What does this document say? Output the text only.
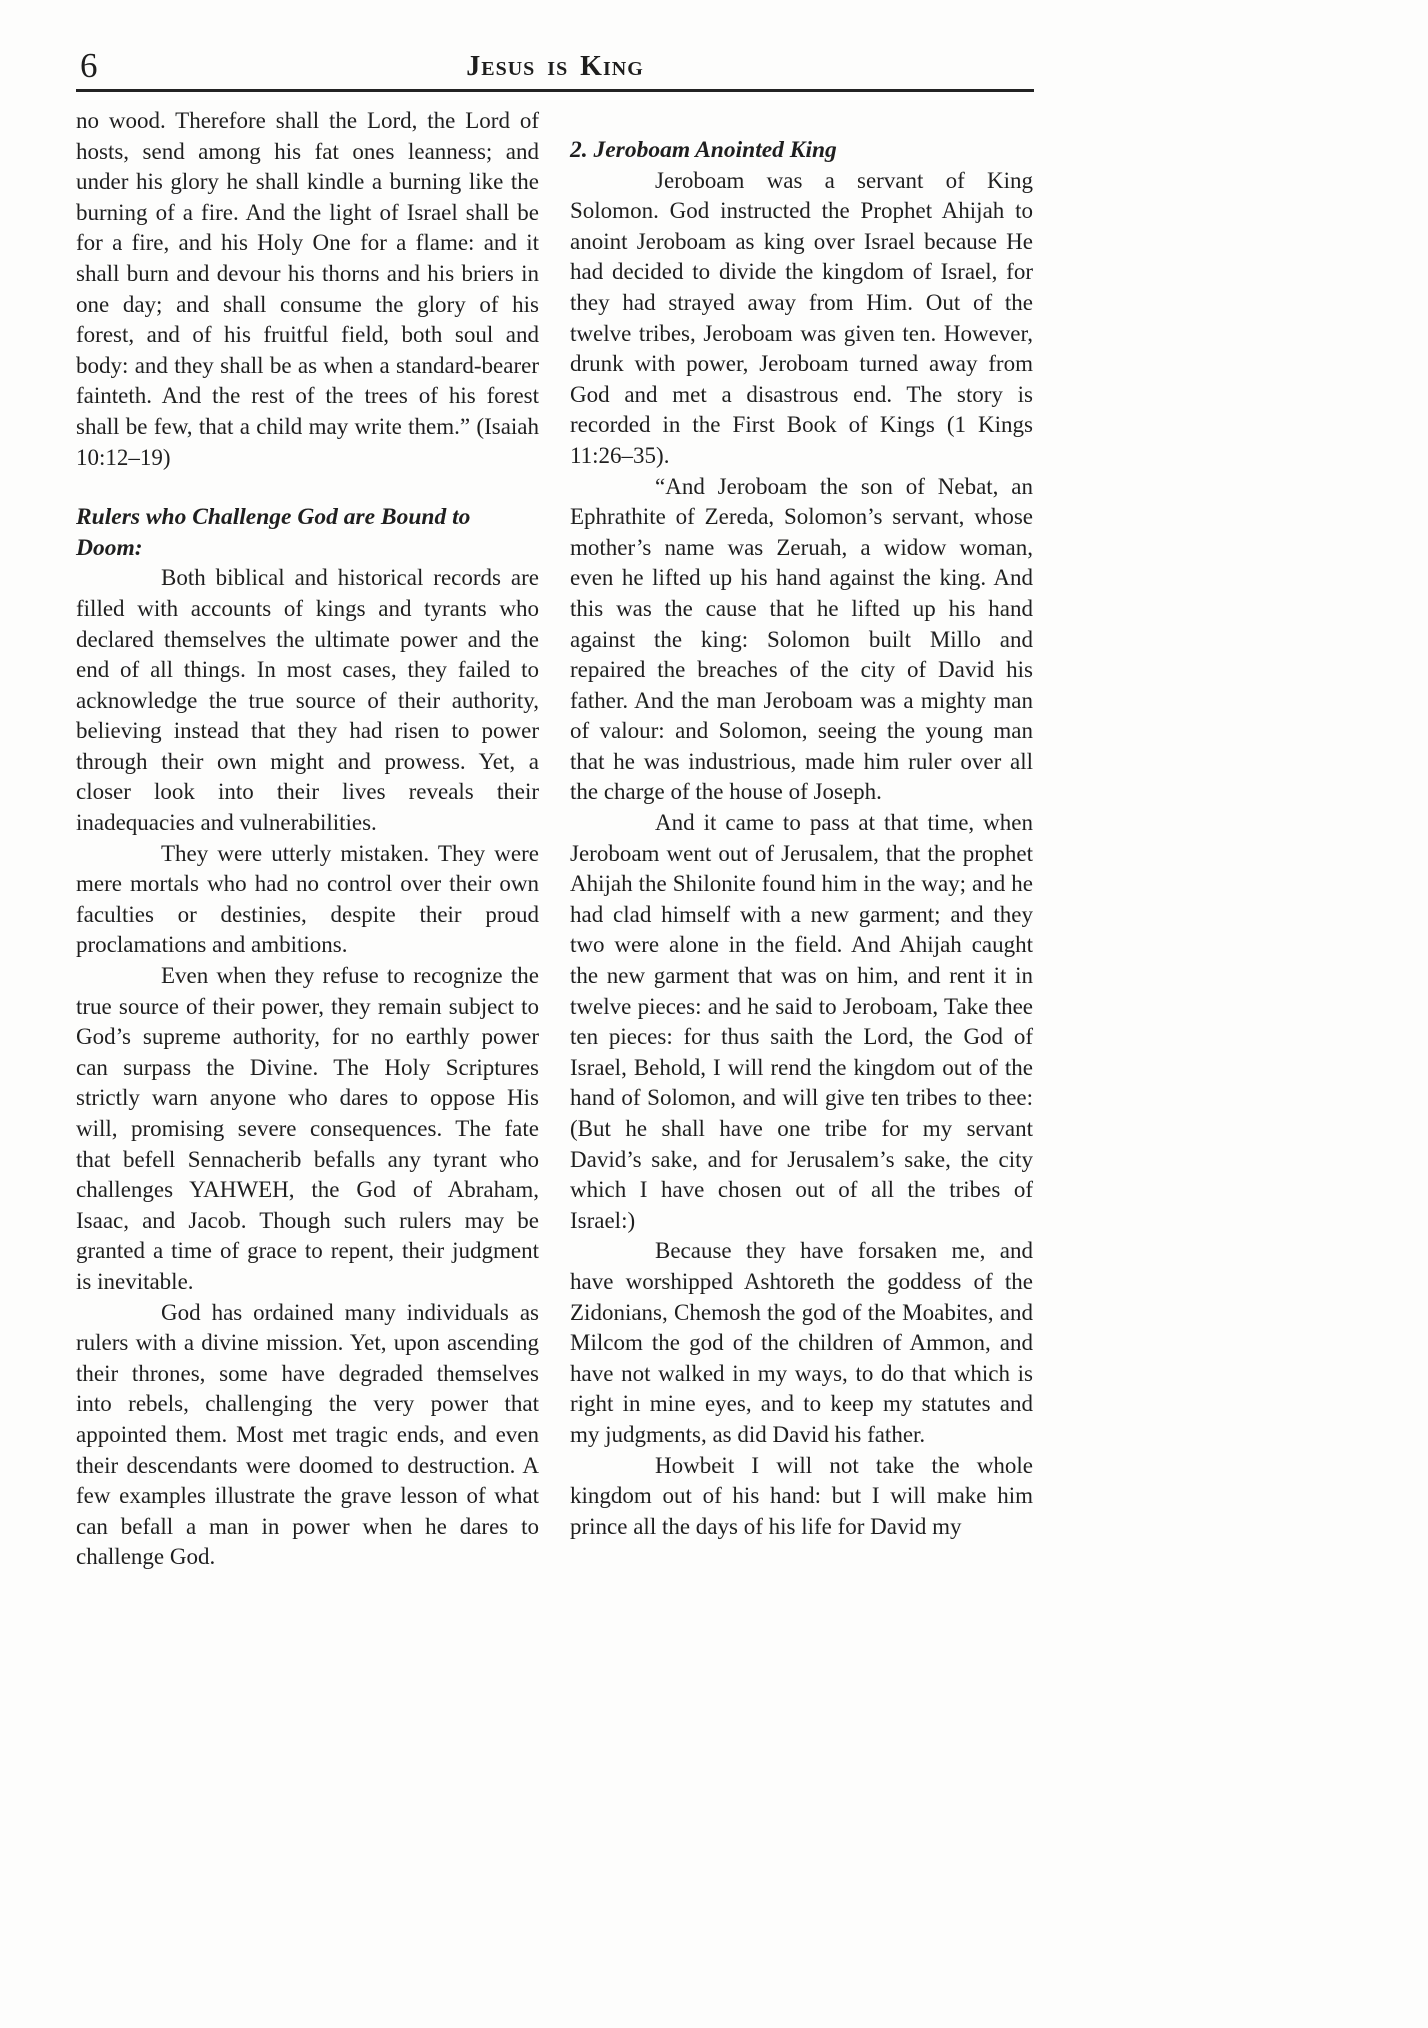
6	Jesus is King

no wood. Therefore shall the Lord, the Lord of hosts, send among his fat ones leanness; and under his glory he shall kindle a burning like the burning of a fire. And the light of Israel shall be for a fire, and his Holy One for a flame: and it shall burn and devour his thorns and his briers in one day; and shall consume the glory of his forest, and of his fruitful field, both soul and body: and they shall be as when a standard-bearer fainteth. And the rest of the trees of his forest shall be few, that a child may write them.” (Isaiah 10:12–19)

Rulers who Challenge God are Bound to Doom:

Both biblical and historical records are filled with accounts of kings and tyrants who declared themselves the ultimate power and the end of all things. In most cases, they failed to acknowledge the true source of their authority, believing instead that they had risen to power through their own might and prowess. Yet, a closer look into their lives reveals their inadequacies and vulnerabilities.

They were utterly mistaken. They were mere mortals who had no control over their own faculties or destinies, despite their proud proclamations and ambitions.

Even when they refuse to recognize the true source of their power, they remain subject to God’s supreme authority, for no earthly power can surpass the Divine. The Holy Scriptures strictly warn anyone who dares to oppose His will, promising severe consequences. The fate that befell Sennacherib befalls any tyrant who challenges YAHWEH, the God of Abraham, Isaac, and Jacob. Though such rulers may be granted a time of grace to repent, their judgment is inevitable.

God has ordained many individuals as rulers with a divine mission. Yet, upon ascending their thrones, some have degraded themselves into rebels, challenging the very power that appointed them. Most met tragic ends, and even their descendants were doomed to destruction. A few examples illustrate the grave lesson of what can befall a man in power when he dares to challenge God.

2. Jeroboam Anointed King

Jeroboam was a servant of King Solomon. God instructed the Prophet Ahijah to anoint Jeroboam as king over Israel because He had decided to divide the kingdom of Israel, for they had strayed away from Him. Out of the twelve tribes, Jeroboam was given ten. However, drunk with power, Jeroboam turned away from God and met a disastrous end. The story is recorded in the First Book of Kings (1 Kings 11:26–35).

“And Jeroboam the son of Nebat, an Ephrathite of Zereda, Solomon’s servant, whose mother’s name was Zeruah, a widow woman, even he lifted up his hand against the king. And this was the cause that he lifted up his hand against the king: Solomon built Millo and repaired the breaches of the city of David his father. And the man Jeroboam was a mighty man of valour: and Solomon, seeing the young man that he was industrious, made him ruler over all the charge of the house of Joseph.

And it came to pass at that time, when Jeroboam went out of Jerusalem, that the prophet Ahijah the Shilonite found him in the way; and he had clad himself with a new garment; and they two were alone in the field. And Ahijah caught the new garment that was on him, and rent it in twelve pieces: and he said to Jeroboam, Take thee ten pieces: for thus saith the Lord, the God of Israel, Behold, I will rend the kingdom out of the hand of Solomon, and will give ten tribes to thee: (But he shall have one tribe for my servant David’s sake, and for Jerusalem’s sake, the city which I have chosen out of all the tribes of Israel:)

Because they have forsaken me, and have worshipped Ashtoreth the goddess of the Zidonians, Chemosh the god of the Moabites, and Milcom the god of the children of Ammon, and have not walked in my ways, to do that which is right in mine eyes, and to keep my statutes and my judgments, as did David his father.

Howbeit I will not take the whole kingdom out of his hand: but I will make him prince all the days of his life for David my
